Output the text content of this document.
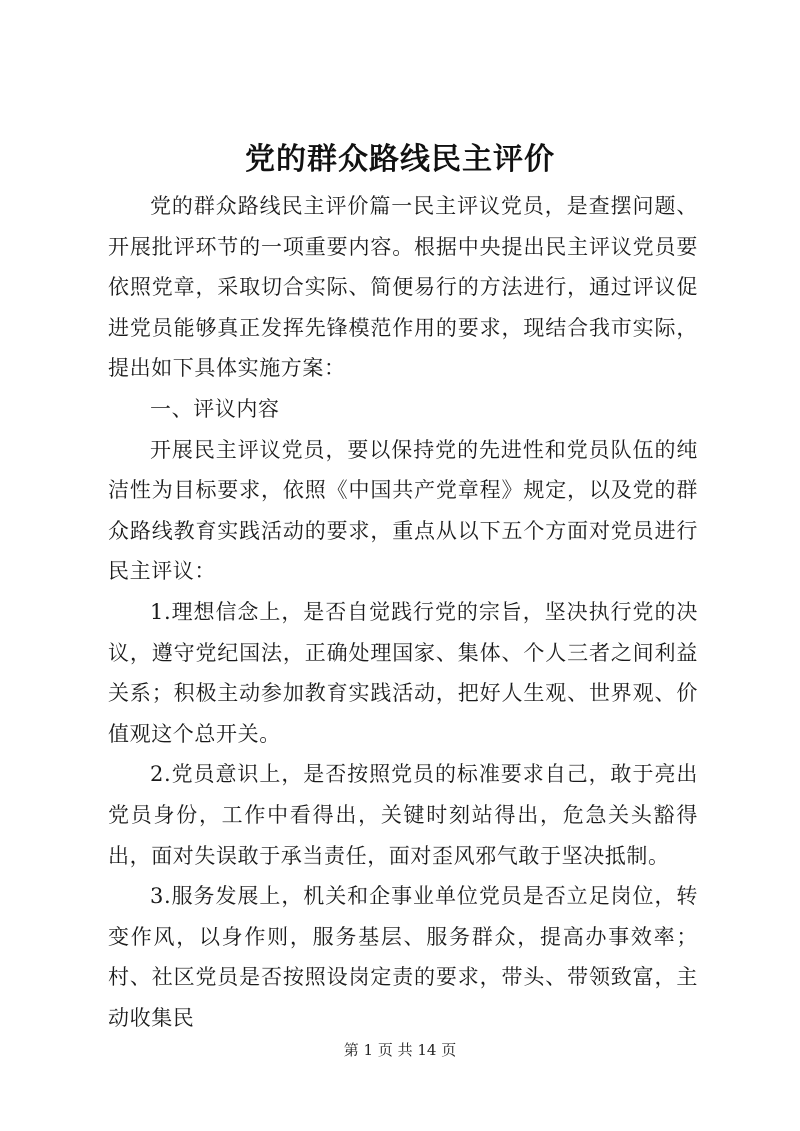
党的群众路线民主评价

党的群众路线民主评价篇一民主评议党员，是查摆问题、开展批评环节的一项重要内容。根据中央提出民主评议党员要依照党章，采取切合实际、简便易行的方法进行，通过评议促进党员能够真正发挥先锋模范作用的要求，现结合我市实际，提出如下具体实施方案：

一、评议内容

开展民主评议党员，要以保持党的先进性和党员队伍的纯洁性为目标要求，依照《中国共产党章程》规定，以及党的群众路线教育实践活动的要求，重点从以下五个方面对党员进行民主评议：

1.理想信念上，是否自觉践行党的宗旨，坚决执行党的决议，遵守党纪国法，正确处理国家、集体、个人三者之间利益关系；积极主动参加教育实践活动，把好人生观、世界观、价值观这个总开关。

2.党员意识上，是否按照党员的标准要求自己，敢于亮出党员身份，工作中看得出，关键时刻站得出，危急关头豁得出，面对失误敢于承当责任，面对歪风邪气敢于坚决抵制。

3.服务发展上，机关和企事业单位党员是否立足岗位，转变作风，以身作则，服务基层、服务群众，提高办事效率；村、社区党员是否按照设岗定责的要求，带头、带领致富，主动收集民

第 1 页 共 14 页
